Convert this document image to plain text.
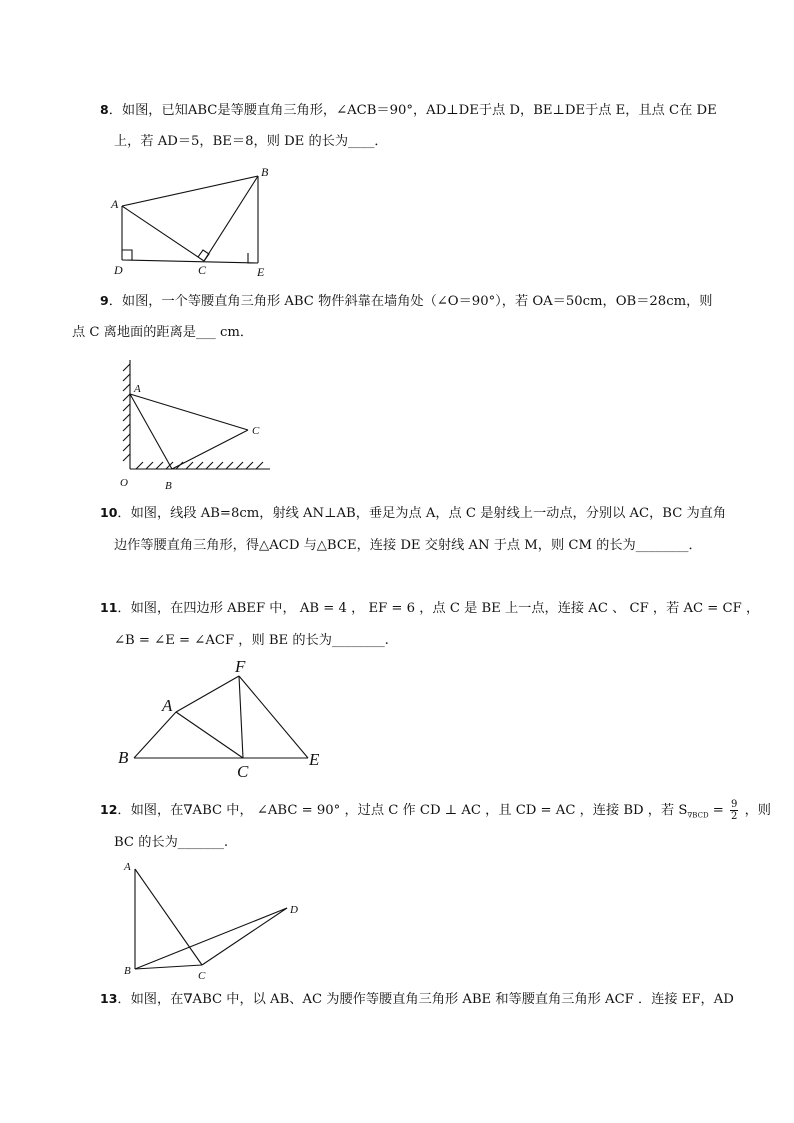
8．如图，已知ABC是等腰直角三角形，∠ACB＝90°，AD⊥DE于点 D，BE⊥DE于点 E，且点 C在 DE
上，若 AD＝5，BE＝8，则 DE 的长为____．
A
B
C
D	E
9．如图，一个等腰直角三角形 ABC 物件斜靠在墙角处（∠O＝90°），若 OA＝50cm，OB＝28cm，则
点 C 离地面的距离是___ cm．
A
B
C
O
10．如图，线段 AB=8cm，射线 AN⊥AB，垂足为点 A，点 C 是射线上一动点，分别以 AC，BC 为直角
边作等腰直角三角形，得△ACD 与△BCE，连接 DE 交射线 AN 于点 M，则 CM 的长为________．
11．如图，在四边形 ABEF 中， AB = 4 ， EF = 6 ，点 C 是 BE 上一点，连接 AC 、 CF ，若 AC = CF ，
∠B = ∠E = ∠ACF ，则 BE 的长为________.
A
B
C
E
F
12．如图，在∇ABC 中， ∠ABC = 90° ，过点 C 作 CD ⊥ AC ，且 CD = AC ，连接 BD ，若 $S_{\nabla BCD} = \frac{9}{2}$ ，则
BC 的长为_______.
A
B	C
D
13．如图，在∇ABC 中，以 AB、AC 为腰作等腰直角三角形 ABE 和等腰直角三角形 ACF ．连接 EF，AD
